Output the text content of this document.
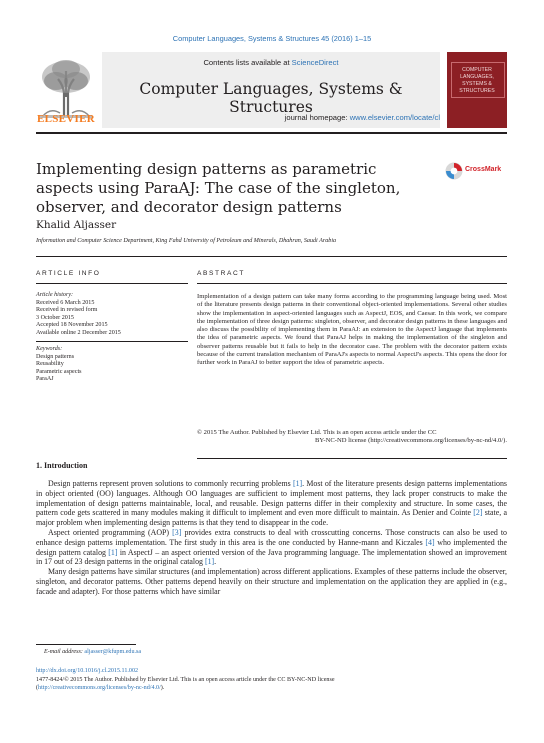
Computer Languages, Systems & Structures 45 (2016) 1–15
ELSEVIER
Contents lists available at ScienceDirect
Computer Languages, Systems & Structures
journal homepage: www.elsevier.com/locate/cl
COMPUTER LANGUAGES, SYSTEMS & STRUCTURES
Implementing design patterns as parametric aspects using ParaAJ: The case of the singleton, observer, and decorator design patterns
CrossMark
Khalid Aljasser
Information and Computer Science Department, King Fahd University of Petroleum and Minerals, Dhahran, Saudi Arabia
ARTICLE INFO	ABSTRACT
Article history:
Received 6 March 2015
Received in revised form
3 October 2015
Accepted 18 November 2015
Available online 2 December 2015
Keywords:
Design patterns
Reusability
Parametric aspects
ParaAJ
Implementation of a design pattern can take many forms according to the programming language being used. Most of the literature presents design patterns in their conventional object-oriented implementations. Several other studies show the implementation in aspect-oriented languages such as AspectJ, EOS, and Caesar. In this work, we compare the implementation of three design patterns: singleton, observer, and decorator design patterns in these languages and also discuss the possibility of implementing them in ParaAJ: an extension to the AspectJ language that implements the idea of parametric aspects. We found that ParaAJ helps in making the implementation of the singleton and observer patterns reusable but it fails to help in the decorator case. The problem with the decorator pattern exists because of the current translation mechanism of ParaAJ's aspects to normal AspectJ's aspects. This opens the door for further work in ParaAJ to better support the idea of parametric aspects.
© 2015 The Author. Published by Elsevier Ltd. This is an open access article under the CC
BY-NC-ND license (http://creativecommons.org/licenses/by-nc-nd/4.0/).
1. Introduction

Design patterns represent proven solutions to commonly recurring problems [1]. Most of the literature presents design patterns implementations in object oriented (OO) languages. Although OO languages are sufficient to implement most patterns, they lack proper constructs to make the implementation of design patterns maintainable, local, and reusable. Design patterns differ in their complexity and structure. In some cases, the pattern code gets scattered in many modules making it difficult to implement and even more difficult to maintain. As Denier and Cointe [2] state, a major problem when implementing design patterns is that they tend to disappear in the code.

Aspect oriented programming (AOP) [3] provides extra constructs to deal with crosscutting concerns. Those constructs can also be used to enhance design patterns implementation. The first study in this area is the one conducted by Hanne-mann and Kiczales [4] who implemented the design pattern catalog [1] in AspectJ – an aspect oriented version of the Java programming language. The implementation showed an improvement in 17 out of 23 design patterns in the original catalog [1].

Many design patterns have similar structures (and implementation) across different applications. Examples of these patterns include the observer, singleton, and decorator patterns. Other patterns depend heavily on their structure and implementation on the application they are applied in (e.g., facade and adapter). For those patterns which have similar

E-mail address: aljasser@kfupm.edu.sa
http://dx.doi.org/10.1016/j.cl.2015.11.002
1477-8424/© 2015 The Author. Published by Elsevier Ltd. This is an open access article under the CC BY-NC-ND license
(http://creativecommons.org/licenses/by-nc-nd/4.0/).
